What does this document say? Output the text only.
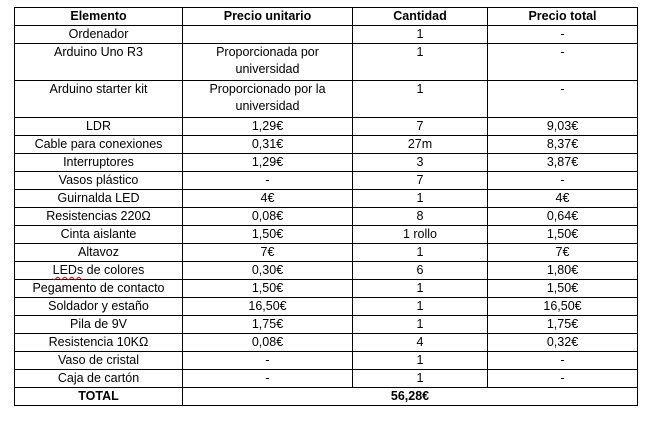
Elemento	Precio unitario	Cantidad	Precio total
Ordenador		1	-
Arduino Uno R3	Proporcionada por universidad	1	-
Arduino starter kit	Proporcionado por la universidad	1	-
LDR	1,29€	7	9,03€
Cable para conexiones	0,31€	27m	8,37€
Interruptores	1,29€	3	3,87€
Vasos plástico	-	7	-
Guirnalda LED	4€	1	4€
Resistencias 220Ω	0,08€	8	0,64€
Cinta aislante	1,50€	1 rollo	1,50€
Altavoz	7€	1	7€
LEDs de colores	0,30€	6	1,80€
Pegamento de contacto	1,50€	1	1,50€
Soldador y estaño	16,50€	1	16,50€
Pila de 9V	1,75€	1	1,75€
Resistencia 10KΩ	0,08€	4	0,32€
Vaso de cristal	-	1	-
Caja de cartón	-	1	-
TOTAL	56,28€		
